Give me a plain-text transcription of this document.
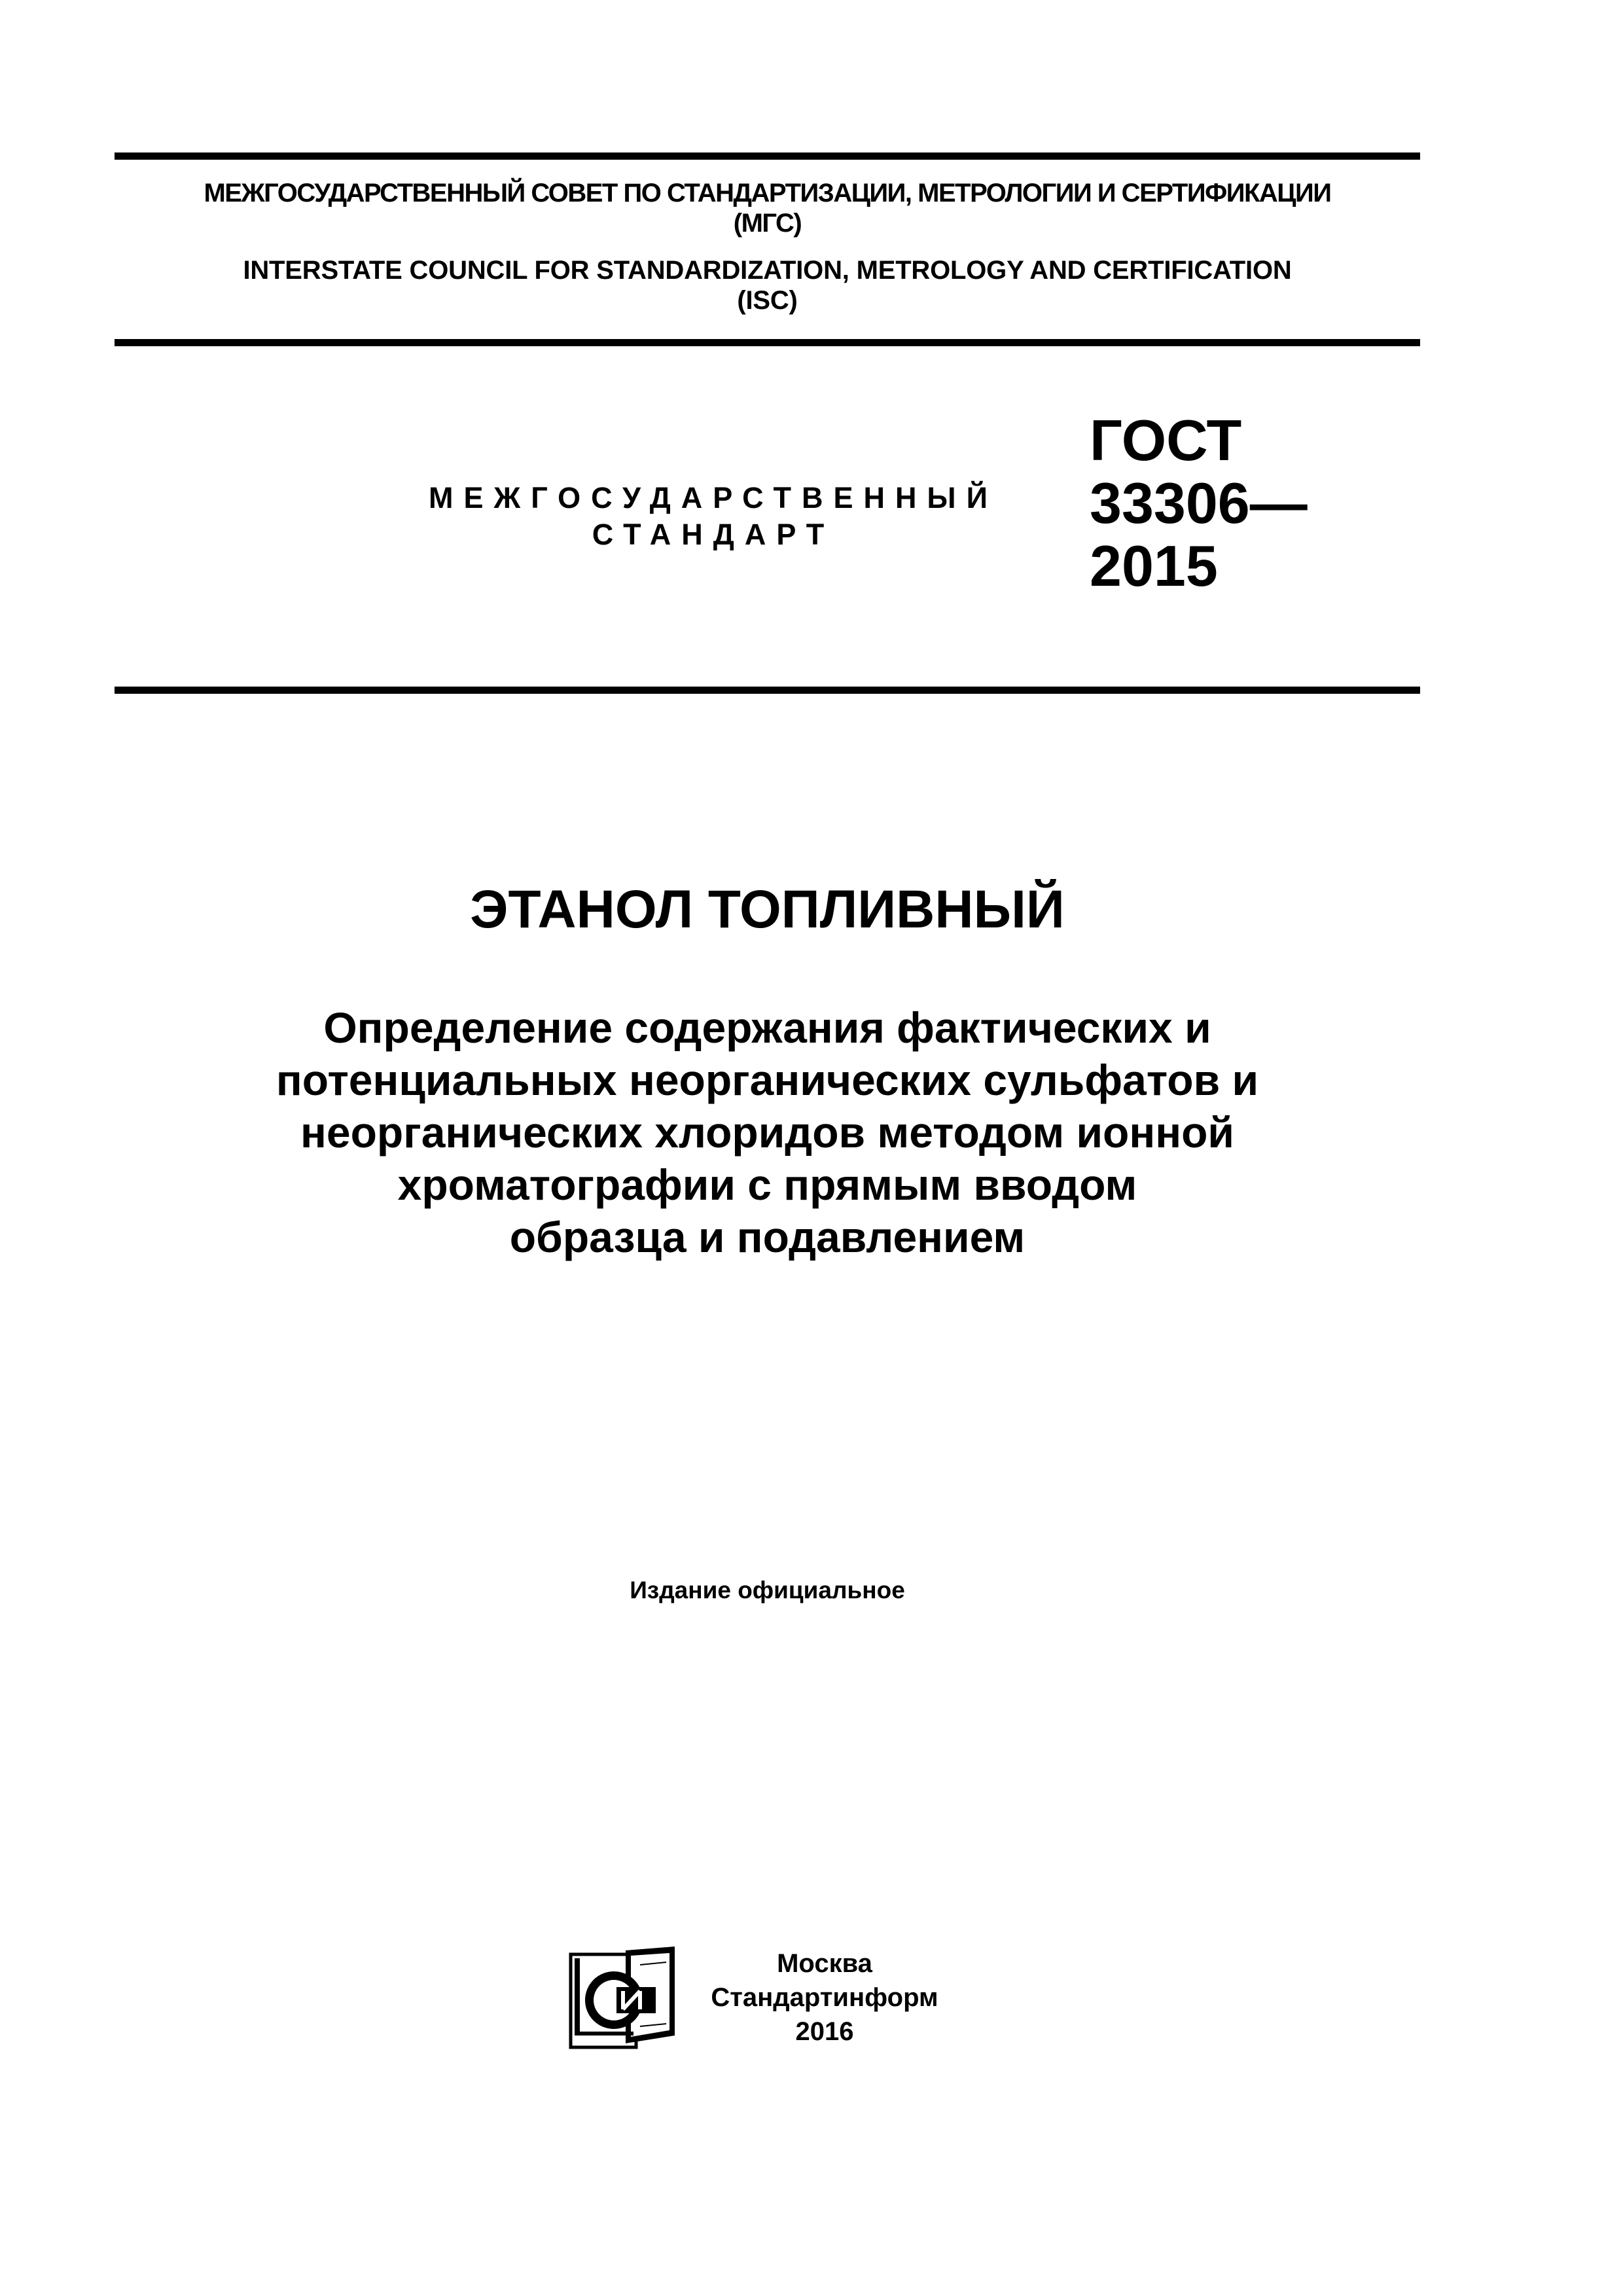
МЕЖГОСУДАРСТВЕННЫЙ СОВЕТ ПО СТАНДАРТИЗАЦИИ, МЕТРОЛОГИИ И СЕРТИФИКАЦИИ
(МГС)
INTERSTATE COUNCIL FOR STANDARDIZATION, METROLOGY AND CERTIFICATION
(ISC)
МЕЖГОСУДАРСТВЕННЫЙ
СТАНДАРТ
ГОСТ
33306—
2015
ЭТАНОЛ ТОПЛИВНЫЙ
Определение содержания фактических и
потенциальных неорганических сульфатов и
неорганических хлоридов методом ионной
хроматографии с прямым вводом
образца и подавлением
Издание официальное
Москва
Стандартинформ
2016
